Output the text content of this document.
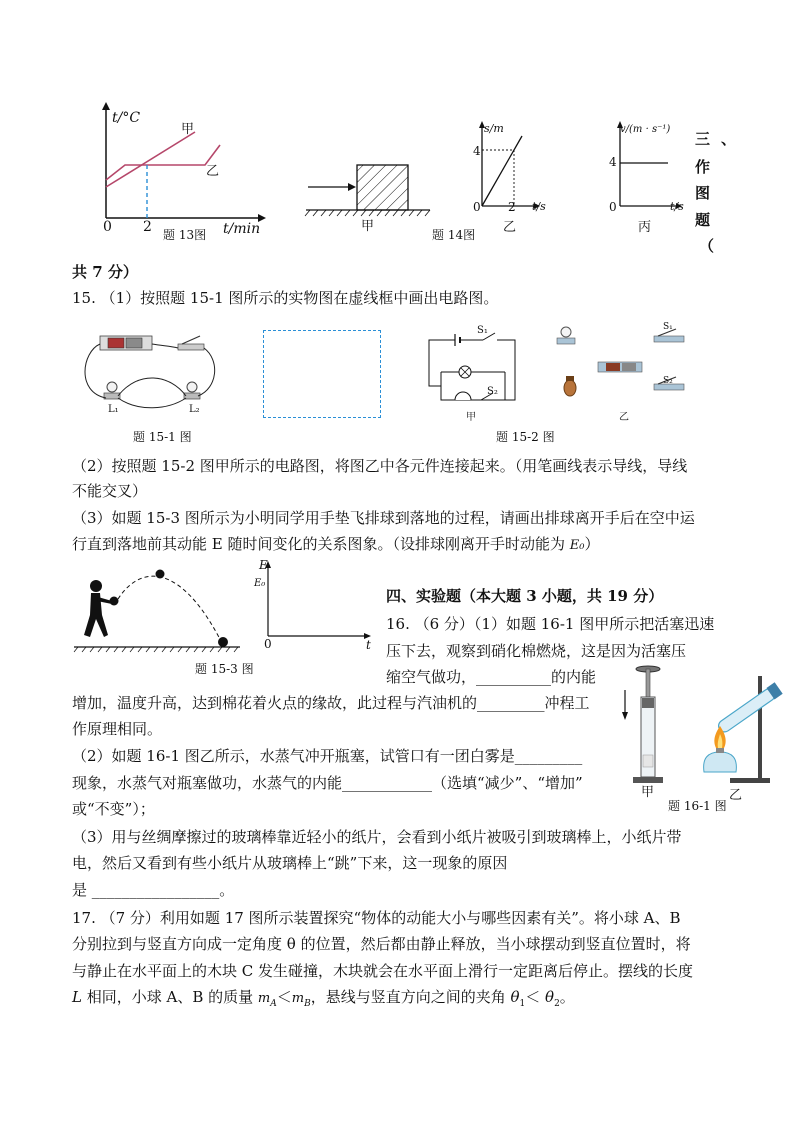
t/°C
t/min
0 2
甲
乙
题 13图
甲
题 14图
s/m
4
2 t/s
0
乙
v/(m · s⁻¹)
4
t/s
0
丙
三 、
作
图
题
（
共 7 分）
15. （1）按照题 15-1 图所示的实物图在虚线框中画出电路图。
L₁	L₂
题 15-1 图
S₁
S₂
甲
S₁
S₂
乙
题 15-2 图
（2）按照题 15-2 图甲所示的电路图，将图乙中各元件连接起来。（用笔画线表示导线，导线
不能交叉）
（3）如题 15-3 图所示为小明同学用手垫飞排球到落地的过程，请画出排球离开手后在空中运
行直到落地前其动能 E 随时间变化的关系图象。（设排球刚离开手时动能为 E₀）
题 15-3 图
E
E₀
0	t
四、实验题（本大题 3 小题，共 19 分）
16. （6 分）（1）如题 16-1 图甲所示把活塞迅速
压下去，观察到硝化棉燃烧，这是因为活塞压
缩空气做功，__________的内能
增加，温度升高，达到棉花着火点的缘故，此过程与汽油机的_________冲程工
作原理相同。
（2）如题 16-1 图乙所示，水蒸气冲开瓶塞，试管口有一团白雾是_________
现象，水蒸气对瓶塞做功，水蒸气的内能____________（选填“减少”、“增加”
或“不变”）；
（3）用与丝绸摩擦过的玻璃棒靠近轻小的纸片，会看到小纸片被吸引到玻璃棒上，小纸片带
电，然后又看到有些小纸片从玻璃棒上“跳”下来，这一现象的原因
是 _________________。
甲	乙
题 16-1 图
17. （7 分）利用如题 17 图所示装置探究“物体的动能大小与哪些因素有关”。将小球 A、B
分别拉到与竖直方向成一定角度 θ 的位置，然后都由静止释放，当小球摆动到竖直位置时，将
与静止在水平面上的木块 C 发生碰撞，木块就会在水平面上滑行一定距离后停止。摆线的长度
L 相同，小球 A、B 的质量 $m_A<m_B$，悬线与竖直方向之间的夹角 $\theta_1< \theta_2$。
